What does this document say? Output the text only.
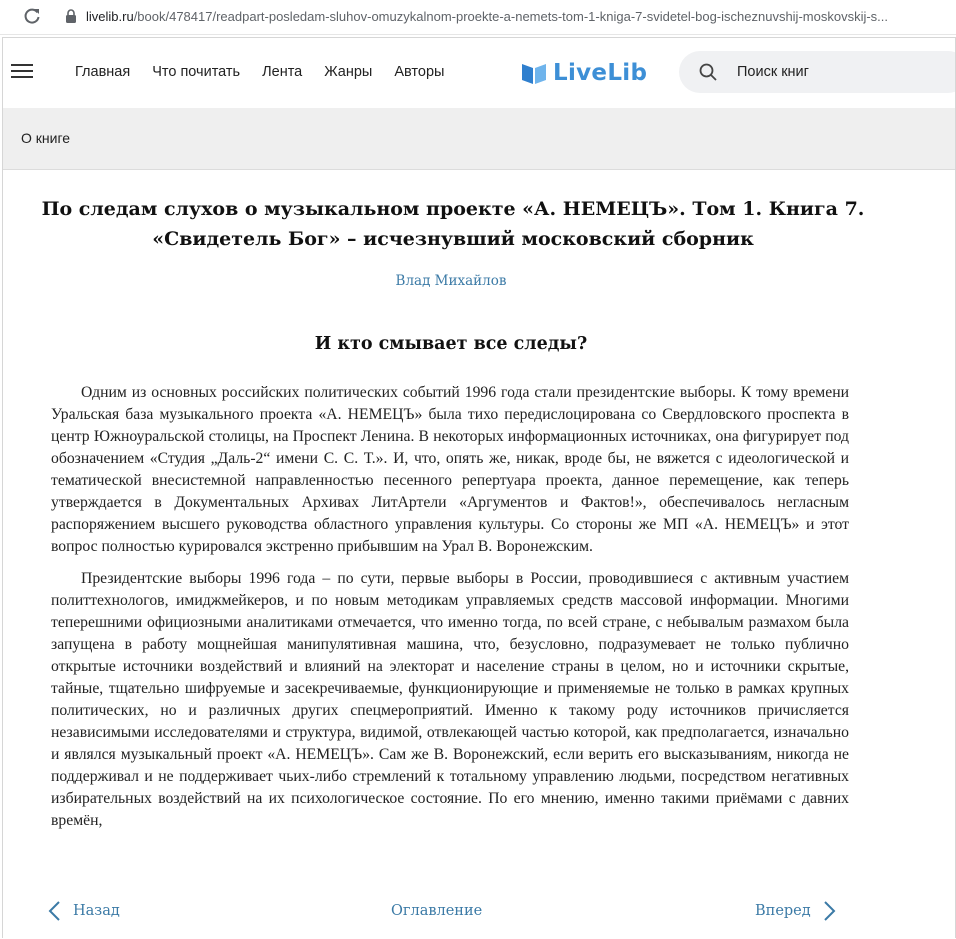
livelib.ru/book/478417/readpart-posledam-sluhov-omuzykalnom-proekte-a-nemets-tom-1-kniga-7-svidetel-bog-ischeznuvshij-moskovskij-s...
Главная Что почитать Лента Жанры Авторы	LiveLib
Поиск книг
О книге
По следам слухов о музыкальном проекте «А. НЕМЕЦЪ». Том 1. Книга 7. «Свидетель Бог» – исчезнувший московский сборник
Влад Михайлов
И кто смывает все следы?

Одним из основных российских политических событий 1996 года стали президентские выборы. К тому времени Уральская база музыкального проекта «А. НЕМЕЦЪ» была тихо передислоцирована со Свердловского проспекта в центр Южноуральской столицы, на Проспект Ленина. В некоторых информационных источниках, она фигурирует под обозначением «Студия „Даль-2“ имени С. С. Т.». И, что, опять же, никак, вроде бы, не вяжется с идеологической и тематической внесистемной направленностью песенного репертуара проекта, данное перемещение, как теперь утверждается в Документальных Архивах ЛитАртели «Аргументов и Фактов!», обеспечивалось негласным распоряжением высшего руководства областного управления культуры. Со стороны же МП «А. НЕМЕЦЪ» и этот вопрос полностью курировался экстренно прибывшим на Урал В. Воронежским.

Президентские выборы 1996 года – по сути, первые выборы в России, проводившиеся с активным участием политтехнологов, имиджмейкеров, и по новым методикам управляемых средств массовой информации. Многими теперешними официозными аналитиками отмечается, что именно тогда, по всей стране, с небывалым размахом была запущена в работу мощнейшая манипулятивная машина, что, безусловно, подразумевает не только публично открытые источники воздействий и влияний на электорат и население страны в целом, но и источники скрытые, тайные, тщательно шифруемые и засекречиваемые, функционирующие и применяемые не только в рамках крупных политических, но и различных других спецмероприятий. Именно к такому роду источников причисляется независимыми исследователями и структура, видимой, отвлекающей частью которой, как предполагается, изначально и являлся музыкальный проект «А. НЕМЕЦЪ». Сам же В. Воронежский, если верить его высказываниям, никогда не поддерживал и не поддерживает чьих-либо стремлений к тотальному управлению людьми, посредством негативных избирательных воздействий на их психологическое состояние. По его мнению, именно такими приёмами с давних времён,

Назад	Оглавление	Вперед
